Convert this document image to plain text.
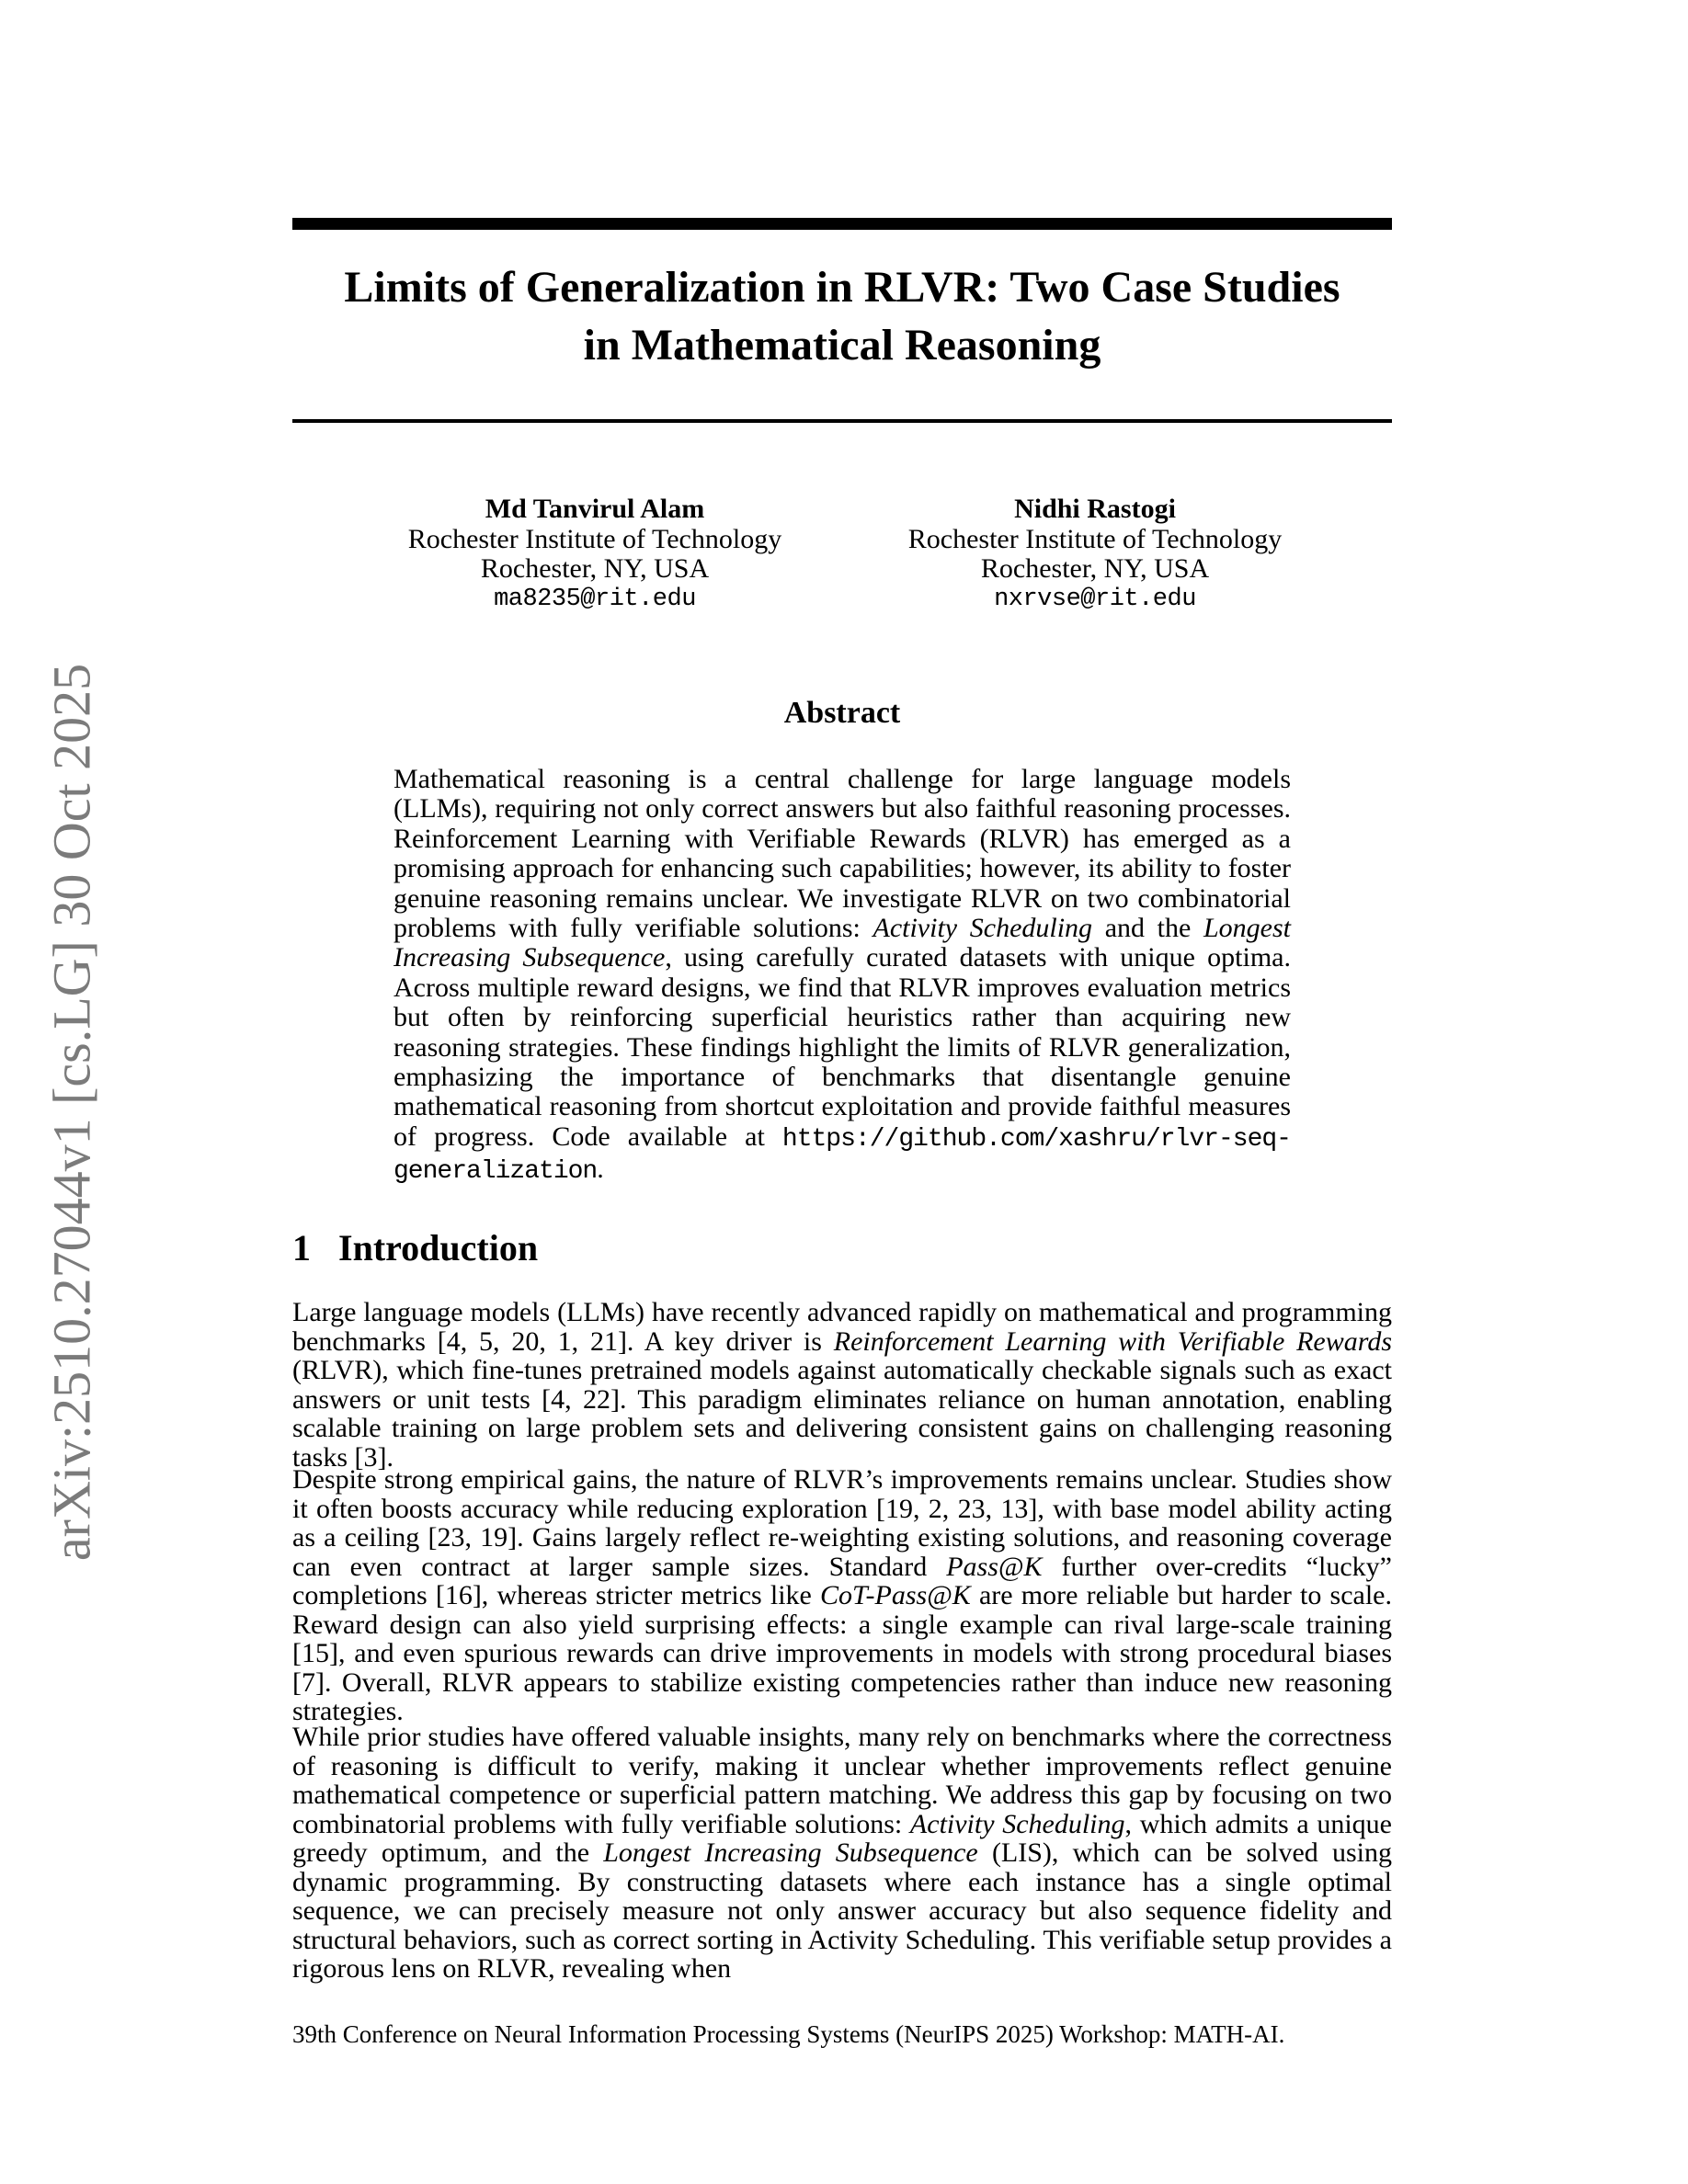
arXiv:2510.27044v1 [cs.LG] 30 Oct 2025
Limits of Generalization in RLVR: Two Case Studies
in Mathematical Reasoning
Md Tanvirul Alam
Rochester Institute of Technology
Rochester, NY, USA
ma8235@rit.edu
Nidhi Rastogi
Rochester Institute of Technology
Rochester, NY, USA
nxrvse@rit.edu
Abstract

Mathematical reasoning is a central challenge for large language models (LLMs), requiring not only correct answers but also faithful reasoning processes. Reinforcement Learning with Verifiable Rewards (RLVR) has emerged as a promising approach for enhancing such capabilities; however, its ability to foster genuine reasoning remains unclear. We investigate RLVR on two combinatorial problems with fully verifiable solutions: Activity Scheduling and the Longest Increasing Subsequence, using carefully curated datasets with unique optima. Across multiple reward designs, we find that RLVR improves evaluation metrics but often by reinforcing superficial heuristics rather than acquiring new reasoning strategies. These findings highlight the limits of RLVR generalization, emphasizing the importance of benchmarks that disentangle genuine mathematical reasoning from shortcut exploitation and provide faithful measures of progress. Code available at https://github.com/xashru/rlvr-seq-generalization.

1 Introduction

Large language models (LLMs) have recently advanced rapidly on mathematical and programming benchmarks [4, 5, 20, 1, 21]. A key driver is Reinforcement Learning with Verifiable Rewards (RLVR), which fine-tunes pretrained models against automatically checkable signals such as exact answers or unit tests [4, 22]. This paradigm eliminates reliance on human annotation, enabling scalable training on large problem sets and delivering consistent gains on challenging reasoning tasks [3].

Despite strong empirical gains, the nature of RLVR’s improvements remains unclear. Studies show it often boosts accuracy while reducing exploration [19, 2, 23, 13], with base model ability acting as a ceiling [23, 19]. Gains largely reflect re-weighting existing solutions, and reasoning coverage can even contract at larger sample sizes. Standard Pass@K further over-credits “lucky” completions [16], whereas stricter metrics like CoT-Pass@K are more reliable but harder to scale. Reward design can also yield surprising effects: a single example can rival large-scale training [15], and even spurious rewards can drive improvements in models with strong procedural biases [7]. Overall, RLVR appears to stabilize existing competencies rather than induce new reasoning strategies.

While prior studies have offered valuable insights, many rely on benchmarks where the correctness of reasoning is difficult to verify, making it unclear whether improvements reflect genuine mathematical competence or superficial pattern matching. We address this gap by focusing on two combinatorial problems with fully verifiable solutions: Activity Scheduling, which admits a unique greedy optimum, and the Longest Increasing Subsequence (LIS), which can be solved using dynamic programming. By constructing datasets where each instance has a single optimal sequence, we can precisely measure not only answer accuracy but also sequence fidelity and structural behaviors, such as correct sorting in Activity Scheduling. This verifiable setup provides a rigorous lens on RLVR, revealing when

39th Conference on Neural Information Processing Systems (NeurIPS 2025) Workshop: MATH-AI.
